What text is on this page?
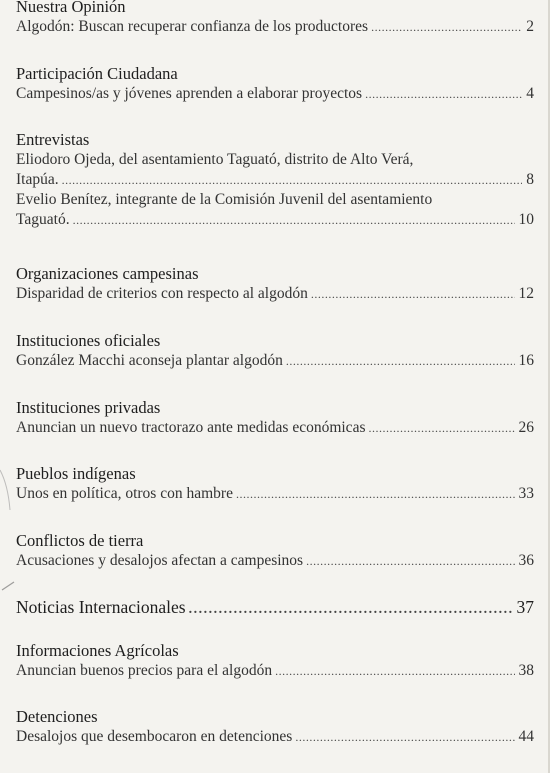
Nuestra Opinión
Algodón: Buscan recuperar confianza de los productores .....	2
Participación Ciudadana
Campesinos/as y jóvenes aprenden a elaborar proyectos .....	4
Entrevistas
Eliodoro Ojeda, del asentamiento Taguató, distrito de Alto Verá,
Itapúa. .....	8
Evelio Benítez, integrante de la Comisión Juvenil del asentamiento
Taguató. .....	10
Organizaciones campesinas
Disparidad de criterios con respecto al algodón .....	12
Instituciones oficiales
González Macchi aconseja plantar algodón .....	16
Instituciones privadas
Anuncian un nuevo tractorazo ante medidas económicas .....	26
Pueblos indígenas
Unos en política, otros con hambre .....	33
Conflictos de tierra
Acusaciones y desalojos afectan a campesinos .....	36
Noticias Internacionales .....	37
Informaciones Agrícolas
Anuncian buenos precios para el algodón .....	38
Detenciones
Desalojos que desembocaron en detenciones .....	44
